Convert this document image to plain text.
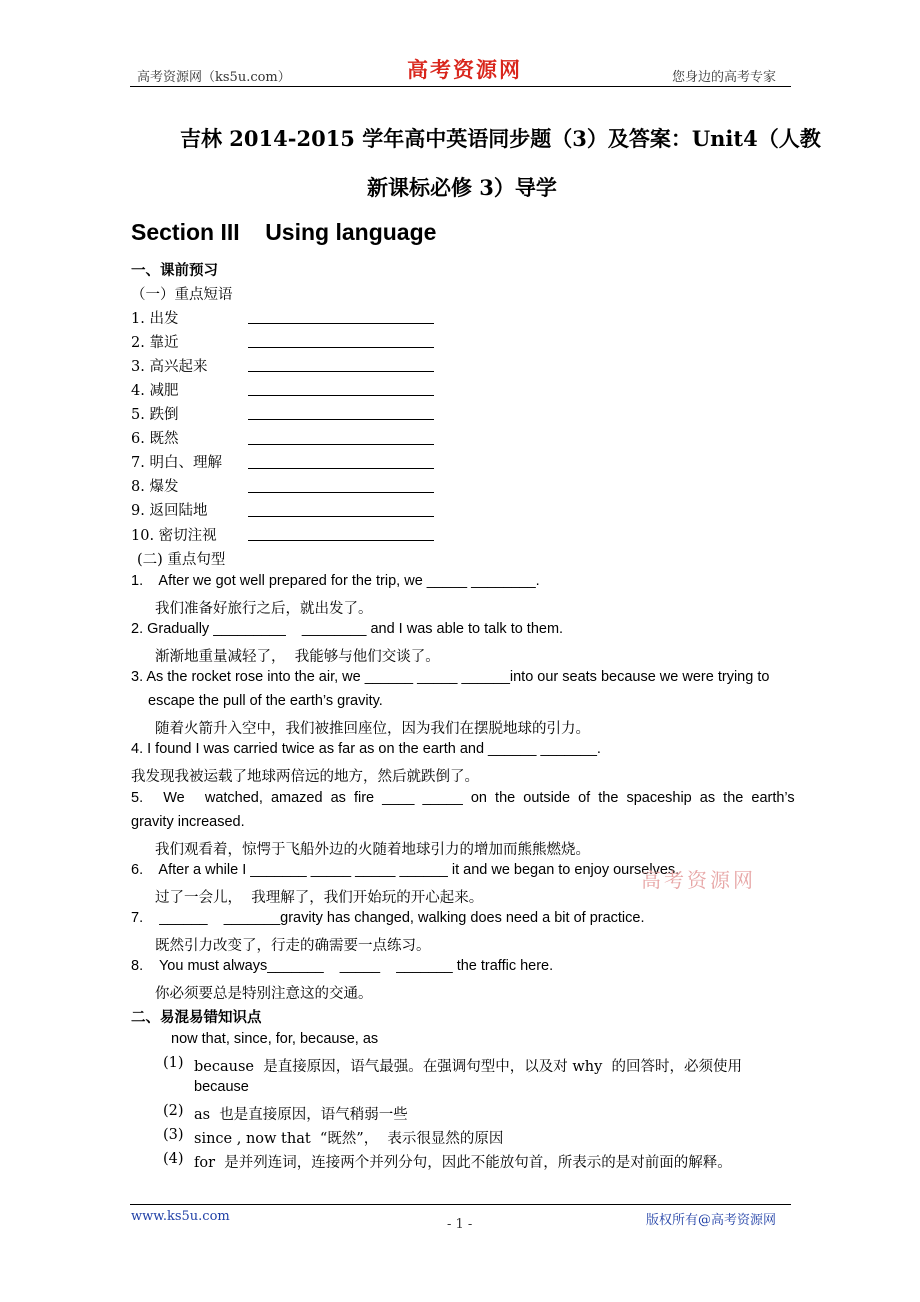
高考资源网（ks5u.com）	高考资源网	您身边的高考专家
吉林 2014-2015 学年高中英语同步题（3）及答案：Unit4（人教
新课标必修 3）导学
Section III    Using language
一、课前预习
（一）重点短语
1. 出发
2. 靠近
3. 高兴起来
4. 减肥
5. 跌倒
6. 既然
7. 明白、理解
8. 爆发
9. 返回陆地
10. 密切注视
(二) 重点句型
1.    After we got well prepared for the trip, we _____ ________.
我们准备好旅行之后，就出发了。
2. Gradually _________    ________ and I was able to talk to them.
渐渐地重量减轻了，  我能够与他们交谈了。
3. As the rocket rose into the air, we ______ _____ ______into our seats because we were trying to
escape the pull of the earth’s gravity.
随着火箭升入空中，我们被推回座位，因为我们在摆脱地球的引力。
4. I found I was carried twice as far as on the earth and ______ _______.
我发现我被运载了地球两倍远的地方，然后就跌倒了。
5.     We     watched,  amazed  as  fire  ____  _____  on  the  outside  of  the  spaceship  as  the  earth’s
gravity increased.
我们观看着，惊愕于飞船外边的火随着地球引力的增加而熊熊燃烧。
6.    After a while I _______ _____ _____ ______ it and we began to enjoy ourselves.
过了一会儿，  我理解了，我们开始玩的开心起来。
高考资源网
7.    ______    _______gravity has changed, walking does need a bit of practice.
既然引力改变了，行走的确需要一点练习。
8.    You must always_______    _____    _______ the traffic here.
你必须要总是特别注意这的交通。
二、易混易错知识点
now that, since, for, because, as
(1) because  是直接原因，语气最强。在强调句型中，以及对 why  的回答时，必须使用
because
(2) as  也是直接原因，语气稍弱一些
(3) since , now that  “既然”，  表示很显然的原因
(4) for  是并列连词，连接两个并列分句，因此不能放句首，所表示的是对前面的解释。
www.ks5u.com
- 1 -	版权所有@高考资源网
